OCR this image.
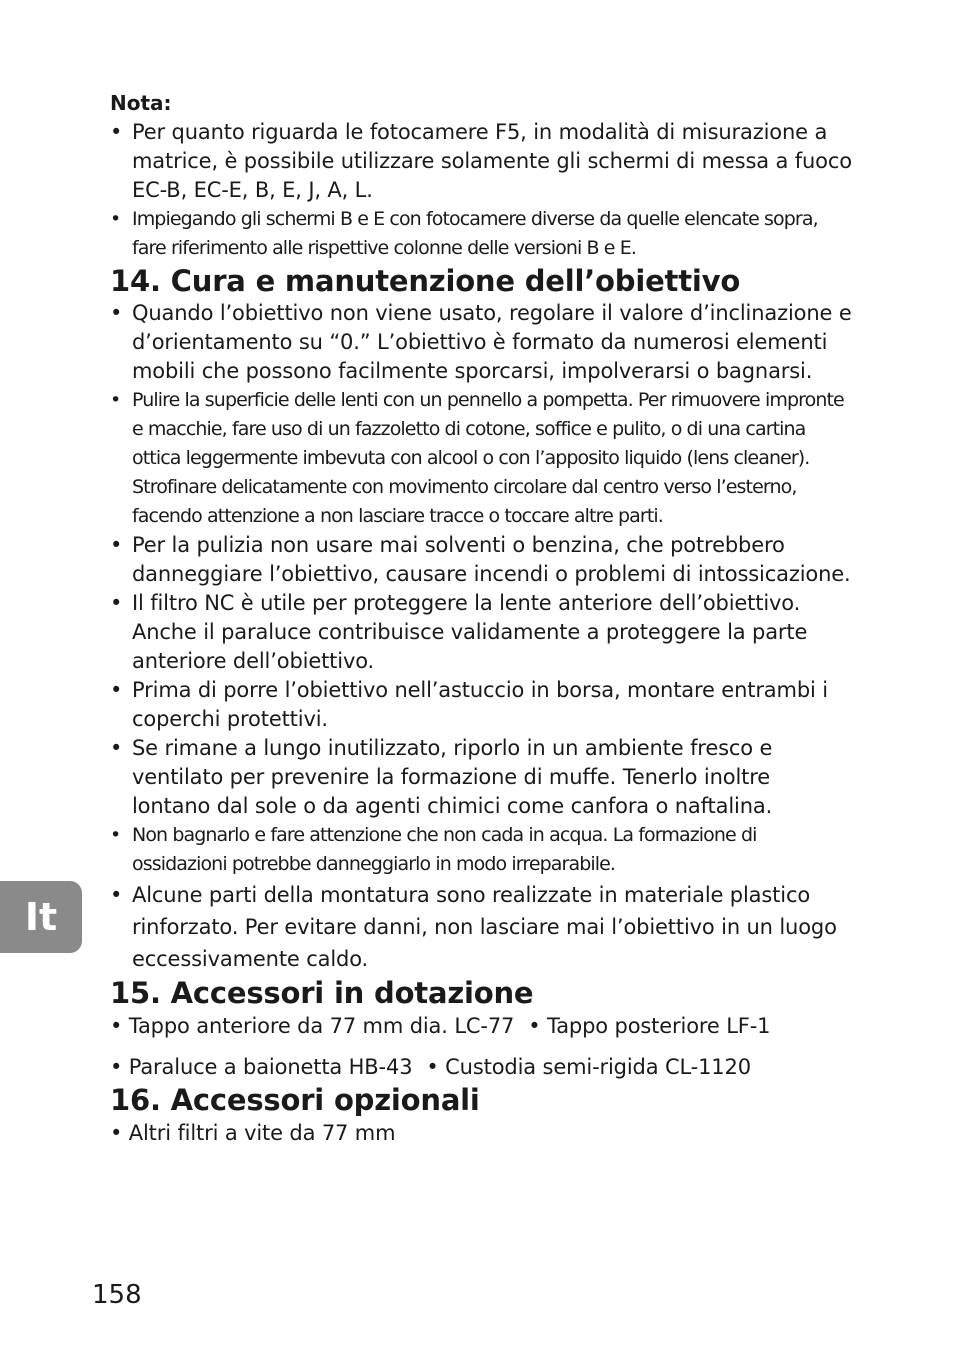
Nota:

• Per quanto riguarda le fotocamere F5, in modalità di misurazione a matrice, è possibile utilizzare solamente gli schermi di messa a fuoco EC-B, EC-E, B, E, J, A, L.
• Impiegando gli schermi B e E con fotocamere diverse da quelle elencate sopra, fare riferimento alle rispettive colonne delle versioni B e E.
14. Cura e manutenzione dell’obiettivo
• Quando l’obiettivo non viene usato, regolare il valore d’inclinazione e d’orientamento su “0.” L’obiettivo è formato da numerosi elementi mobili che possono facilmente sporcarsi, impolverarsi o bagnarsi.
• Pulire la superficie delle lenti con un pennello a pompetta. Per rimuovere impronte e macchie, fare uso di un fazzoletto di cotone, soffice e pulito, o di una cartina ottica leggermente imbevuta con alcool o con l’apposito liquido (lens cleaner). Strofinare delicatamente con movimento circolare dal centro verso l’esterno, facendo attenzione a non lasciare tracce o toccare altre parti.
• Per la pulizia non usare mai solventi o benzina, che potrebbero danneggiare l’obiettivo, causare incendi o problemi di intossicazione.
• Il filtro NC è utile per proteggere la lente anteriore dell’obiettivo. Anche il paraluce contribuisce validamente a proteggere la parte anteriore dell’obiettivo.
• Prima di porre l’obiettivo nell’astuccio in borsa, montare entrambi i coperchi protettivi.
• Se rimane a lungo inutilizzato, riporlo in un ambiente fresco e ventilato per prevenire la formazione di muffe. Tenerlo inoltre lontano dal sole o da agenti chimici come canfora o naftalina.
• Non bagnarlo e fare attenzione che non cada in acqua. La formazione di ossidazioni potrebbe danneggiarlo in modo irreparabile.
• Alcune parti della montatura sono realizzate in materiale plastico rinforzato. Per evitare danni, non lasciare mai l’obiettivo in un luogo eccessivamente caldo.
15. Accessori in dotazione

• Tappo anteriore da 77 mm dia. LC-77 • Tappo posteriore LF-1

• Paraluce a baionetta HB-43 • Custodia semi-rigida CL-1120

16. Accessori opzionali

• Altri filtri a vite da 77 mm

It

158
